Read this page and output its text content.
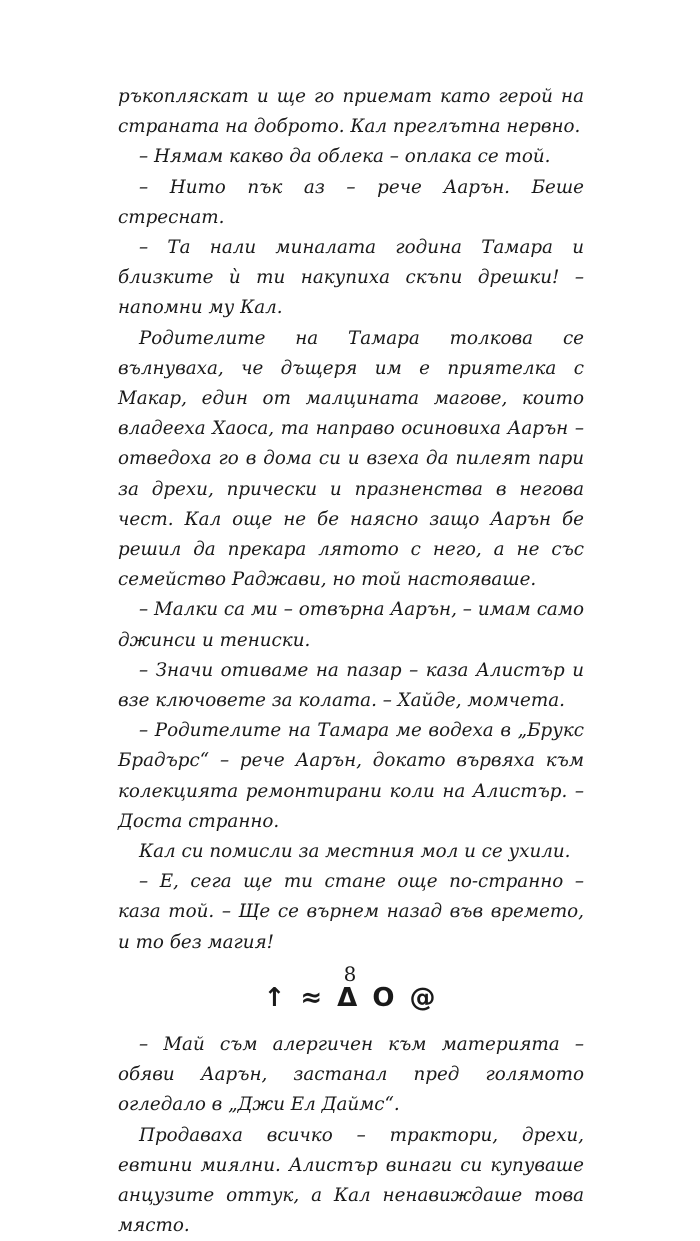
ръкопляскат и ще го приемат като герой на страната на доброто. Кал преглътна нервно.

– Нямам какво да облека – оплака се той.

– Нито пък аз – рече Аарън. Беше стреснат.

– Та нали миналата година Тамара и близките ѝ ти накупиха скъпи дрешки! – напомни му Кал.

Родителите на Тамара толкова се вълнуваха, че дъщеря им е приятелка с Макар, един от малцината магове, които владееха Хаоса, та направо осиновиха Аарън – отведоха го в дома си и взеха да пилеят пари за дрехи, прически и празненства в негова чест. Кал още не бе наясно защо Аарън бе решил да прекара лятото с него, а не със семейство Раджави, но той настояваше.

– Малки са ми – отвърна Аарън, – имам само джинси и тениски.

– Значи отиваме на пазар – каза Алистър и взе ключовете за колата. – Хайде, момчета.

– Родителите на Тамара ме водеха в „Брукс Брадърс“ – рече Аарън, докато вървяха към колекцията ремонтирани коли на Алистър. – Доста странно.

Кал си помисли за местния мол и се ухили.

– Е, сега ще ти стане още по-странно – каза той. – Ще се върнем назад във времето, и то без магия!

↑ ≈ Δ O @

– Май съм алергичен към материята – обяви Аарън, застанал пред голямото огледало в „Джи Ел Даймс“.

Продаваха всичко – трактори, дрехи, евтини миялни. Алистър винаги си купуваше анцузите оттук, а Кал ненавиждаше това място.

8
